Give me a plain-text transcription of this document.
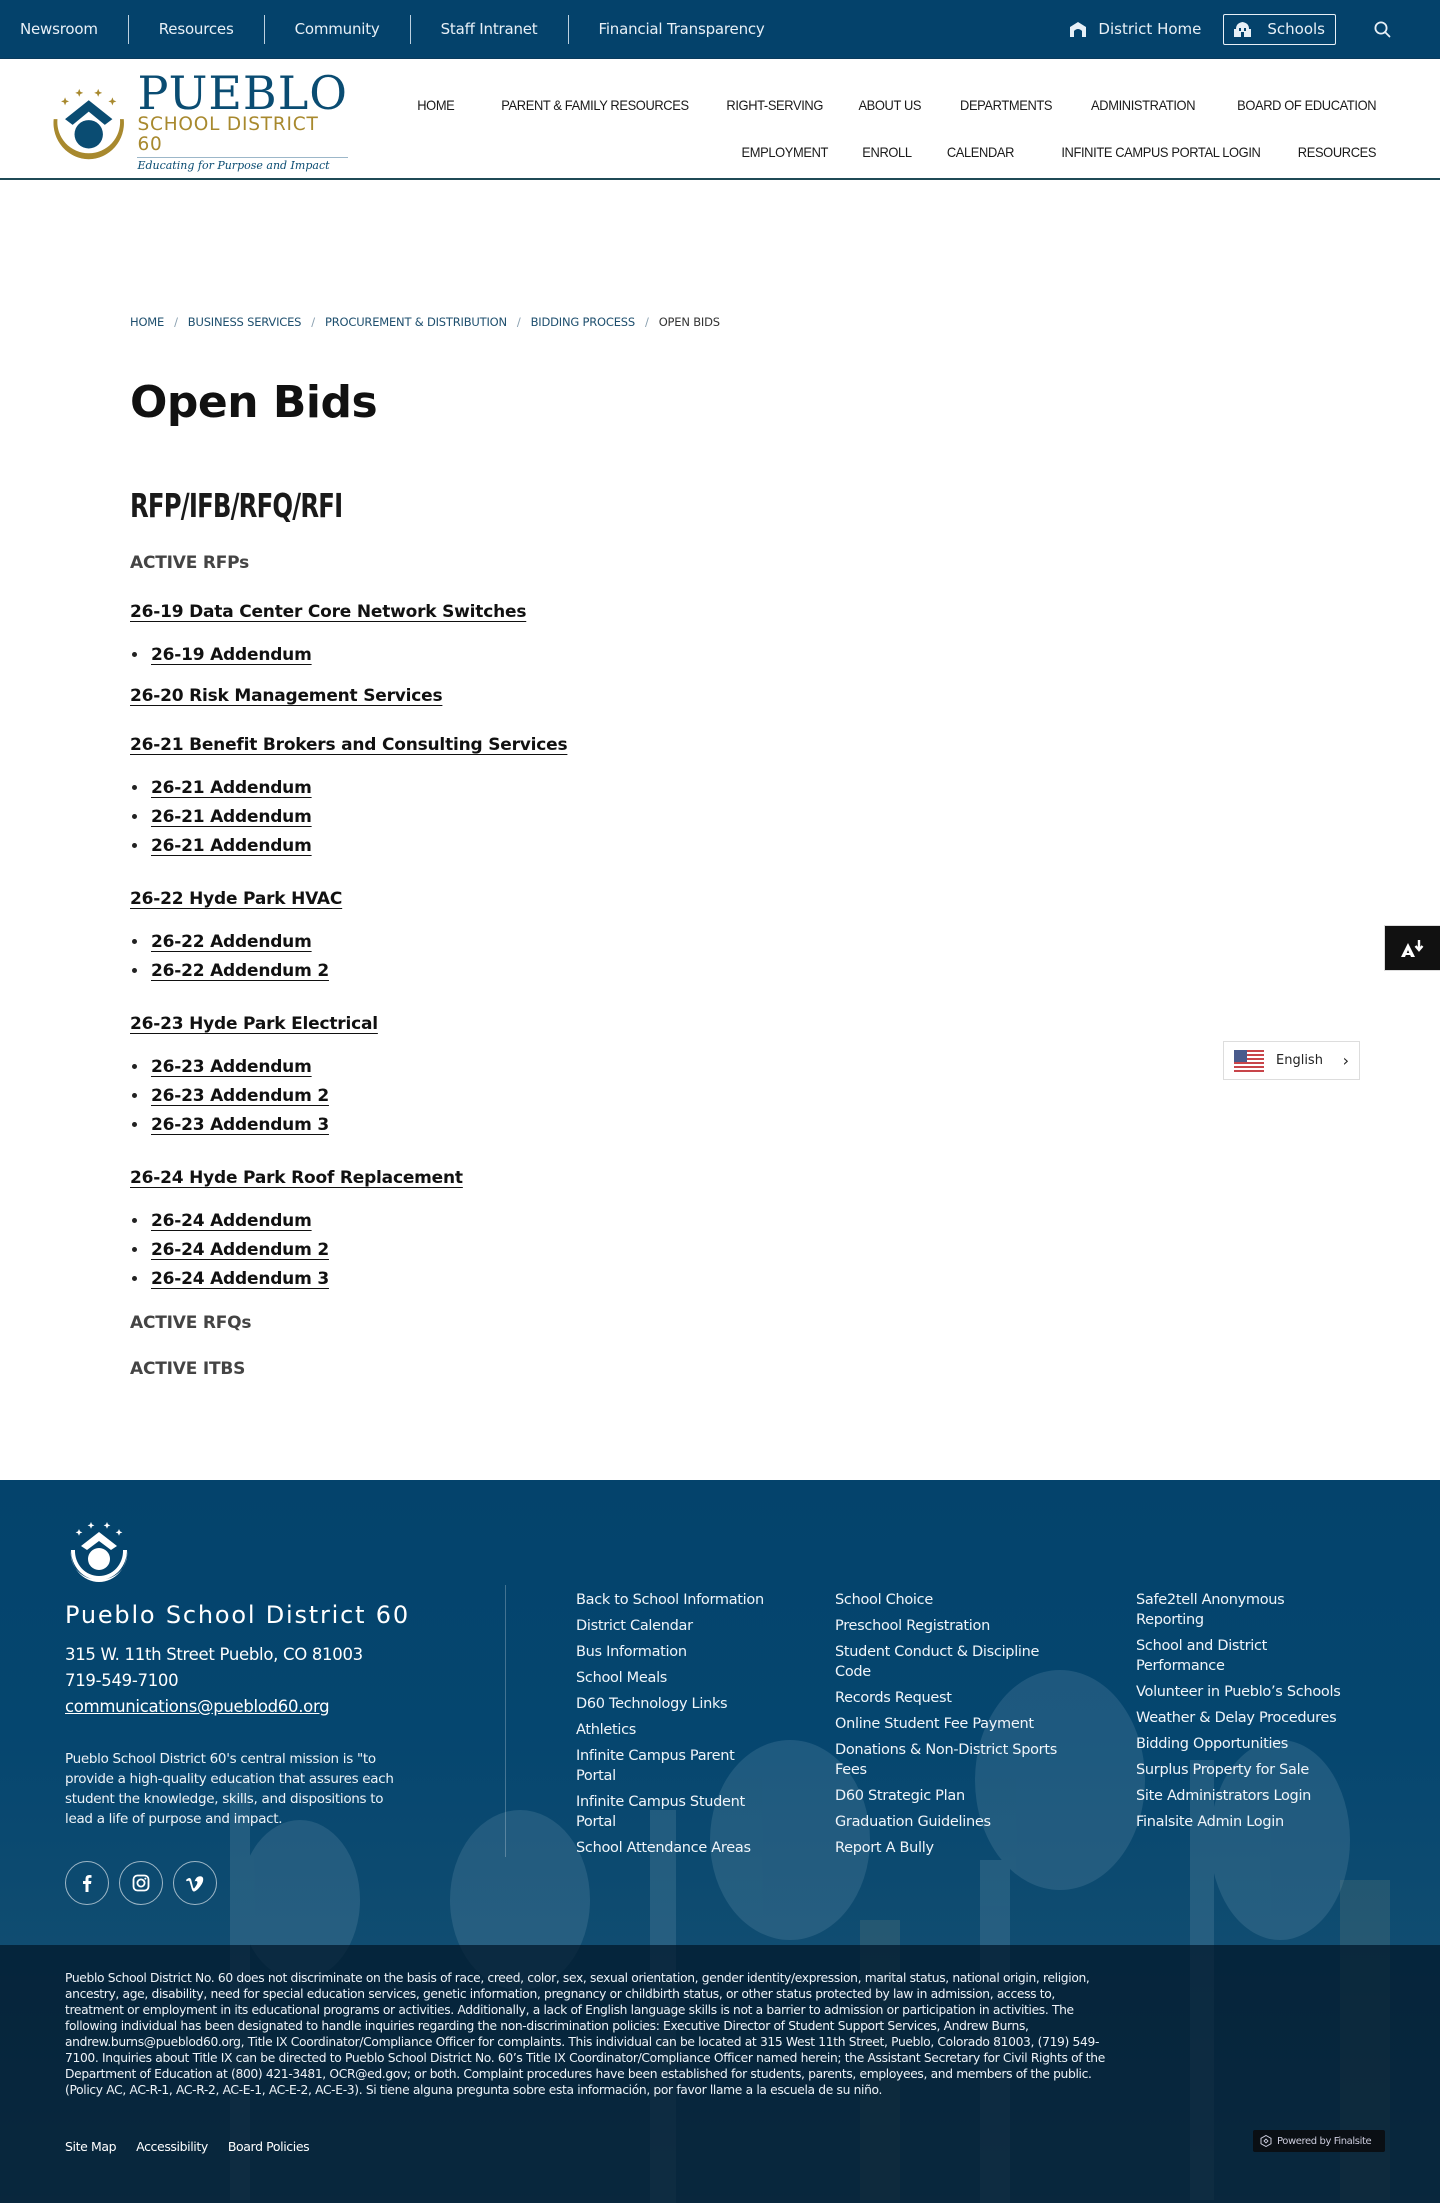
Newsroom	Resources	Community	Staff Intranet	Financial Transparency	District Home	Schools
PUEBLO
SCHOOL DISTRICT 60
Educating for Purpose and Impact
HOME	PARENT & FAMILY RESOURCES	RIGHT-SERVING	ABOUT US	DEPARTMENTS	ADMINISTRATION	BOARD OF EDUCATION
EMPLOYMENT ENROLL	CALENDAR	INFINITE CAMPUS PORTAL LOGIN	RESOURCES
HOME / BUSINESS SERVICES / PROCUREMENT & DISTRIBUTION / BIDDING PROCESS / OPEN BIDS
Open Bids
RFP/IFB/RFQ/RFI
ACTIVE RFPs
26-19 Data Center Core Network Switches
26-19 Addendum
26-20 Risk Management Services
26-21 Benefit Brokers and Consulting Services
26-21 Addendum
26-21 Addendum
26-21 Addendum
26-22 Hyde Park HVAC
26-22 Addendum
26-22 Addendum 2
26-23 Hyde Park Electrical
26-23 Addendum
26-23 Addendum 2
26-23 Addendum 3
26-24 Hyde Park Roof Replacement
26-24 Addendum
26-24 Addendum 2
26-24 Addendum 3
ACTIVE RFQs
ACTIVE ITBS
English ›
Pueblo School District 60
315 W. 11th Street Pueblo, CO 81003
719-549-7100
communications@pueblod60.org

Pueblo School District 60's central mission is "to provide a high-quality education that assures each student the knowledge, skills, and dispositions to lead a life of purpose and impact.

Back to School Information
District Calendar
Bus Information
School Meals
D60 Technology Links
Athletics
Infinite Campus Parent Portal
Infinite Campus Student Portal
School Attendance Areas
School Choice
Preschool Registration
Student Conduct & Discipline Code
Records Request
Online Student Fee Payment
Donations & Non-District Sports Fees
D60 Strategic Plan
Graduation Guidelines
Report A Bully
Safe2tell Anonymous Reporting
School and District Performance
Volunteer in Pueblo’s Schools
Weather & Delay Procedures
Bidding Opportunities
Surplus Property for Sale
Site Administrators Login
Finalsite Admin Login

Pueblo School District No. 60 does not discriminate on the basis of race, creed, color, sex, sexual orientation, gender identity/expression, marital status, national origin, religion, ancestry, age, disability, need for special education services, genetic information, pregnancy or childbirth status, or other status protected by law in admission, access to, treatment or employment in its educational programs or activities. Additionally, a lack of English language skills is not a barrier to admission or participation in activities. The following individual has been designated to handle inquiries regarding the non-discrimination policies: Executive Director of Student Support Services, Andrew Burns, andrew.burns@pueblod60.org, Title IX Coordinator/Compliance Officer for complaints. This individual can be located at 315 West 11th Street, Pueblo, Colorado 81003, (719) 549-7100. Inquiries about Title IX can be directed to Pueblo School District No. 60’s Title IX Coordinator/Compliance Officer named herein; the Assistant Secretary for Civil Rights of the Department of Education at (800) 421-3481, OCR@ed.gov; or both. Complaint procedures have been established for students, parents, employees, and members of the public. (Policy AC, AC-R-1, AC-R-2, AC-E-1, AC-E-2, AC-E-3). Si tiene alguna pregunta sobre esta información, por favor llame a la escuela de su niño.

Site Map Accessibility Board Policies	Powered by Finalsite
